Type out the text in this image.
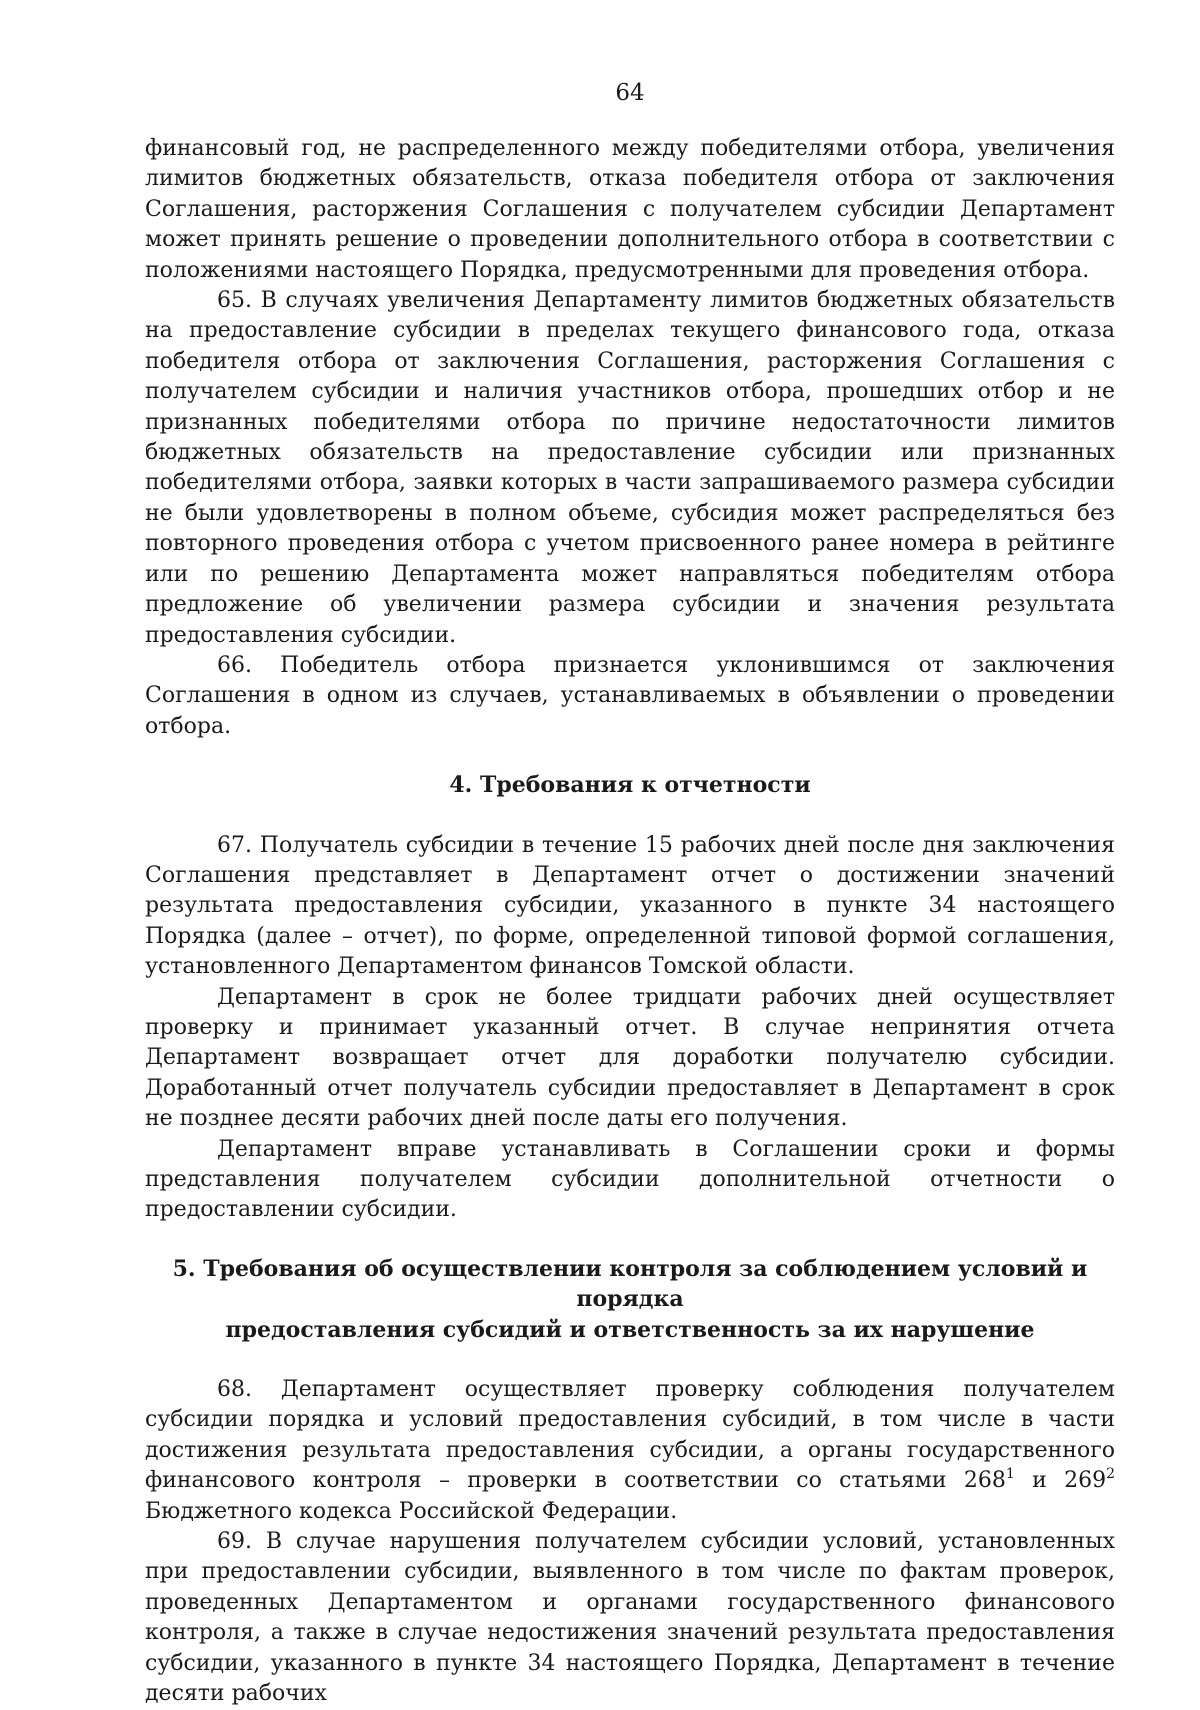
64

финансовый год, не распределенного между победителями отбора, увеличения лимитов бюджетных обязательств, отказа победителя отбора от заключения Соглашения, расторжения Соглашения с получателем субсидии Департамент может принять решение о проведении дополнительного отбора в соответствии с положениями настоящего Порядка, предусмотренными для проведения отбора.

65. В случаях увеличения Департаменту лимитов бюджетных обязательств на предоставление субсидии в пределах текущего финансового года, отказа победителя отбора от заключения Соглашения, расторжения Соглашения с получателем субсидии и наличия участников отбора, прошедших отбор и не признанных победителями отбора по причине недостаточности лимитов бюджетных обязательств на предоставление субсидии или признанных победителями отбора, заявки которых в части запрашиваемого размера субсидии не были удовлетворены в полном объеме, субсидия может распределяться без повторного проведения отбора с учетом присвоенного ранее номера в рейтинге или по решению Департамента может направляться победителям отбора предложение об увеличении размера субсидии и значения результата предоставления субсидии.

66. Победитель отбора признается уклонившимся от заключения Соглашения в одном из случаев, устанавливаемых в объявлении о проведении отбора.

4. Требования к отчетности

67. Получатель субсидии в течение 15 рабочих дней после дня заключения Соглашения представляет в Департамент отчет о достижении значений результата предоставления субсидии, указанного в пункте 34 настоящего Порядка (далее – отчет), по форме, определенной типовой формой соглашения, установленного Департаментом финансов Томской области.

Департамент в срок не более тридцати рабочих дней осуществляет проверку и принимает указанный отчет. В случае непринятия отчета Департамент возвращает отчет для доработки получателю субсидии. Доработанный отчет получатель субсидии предоставляет в Департамент в срок не позднее десяти рабочих дней после даты его получения.

Департамент вправе устанавливать в Соглашении сроки и формы представления получателем субсидии дополнительной отчетности о предоставлении субсидии.

5. Требования об осуществлении контроля за соблюдением условий и порядка
предоставления субсидий и ответственность за их нарушение

68. Департамент осуществляет проверку соблюдения получателем субсидии порядка и условий предоставления субсидий, в том числе в части достижения результата предоставления субсидии, а органы государственного финансового контроля – проверки в соответствии со статьями $268^1$ и $269^2$ Бюджетного кодекса Российской Федерации.

69. В случае нарушения получателем субсидии условий, установленных при предоставлении субсидии, выявленного в том числе по фактам проверок, проведенных Департаментом и органами государственного финансового контроля, а также в случае недостижения значений результата предоставления субсидии, указанного в пункте 34 настоящего Порядка, Департамент в течение десяти рабочих
